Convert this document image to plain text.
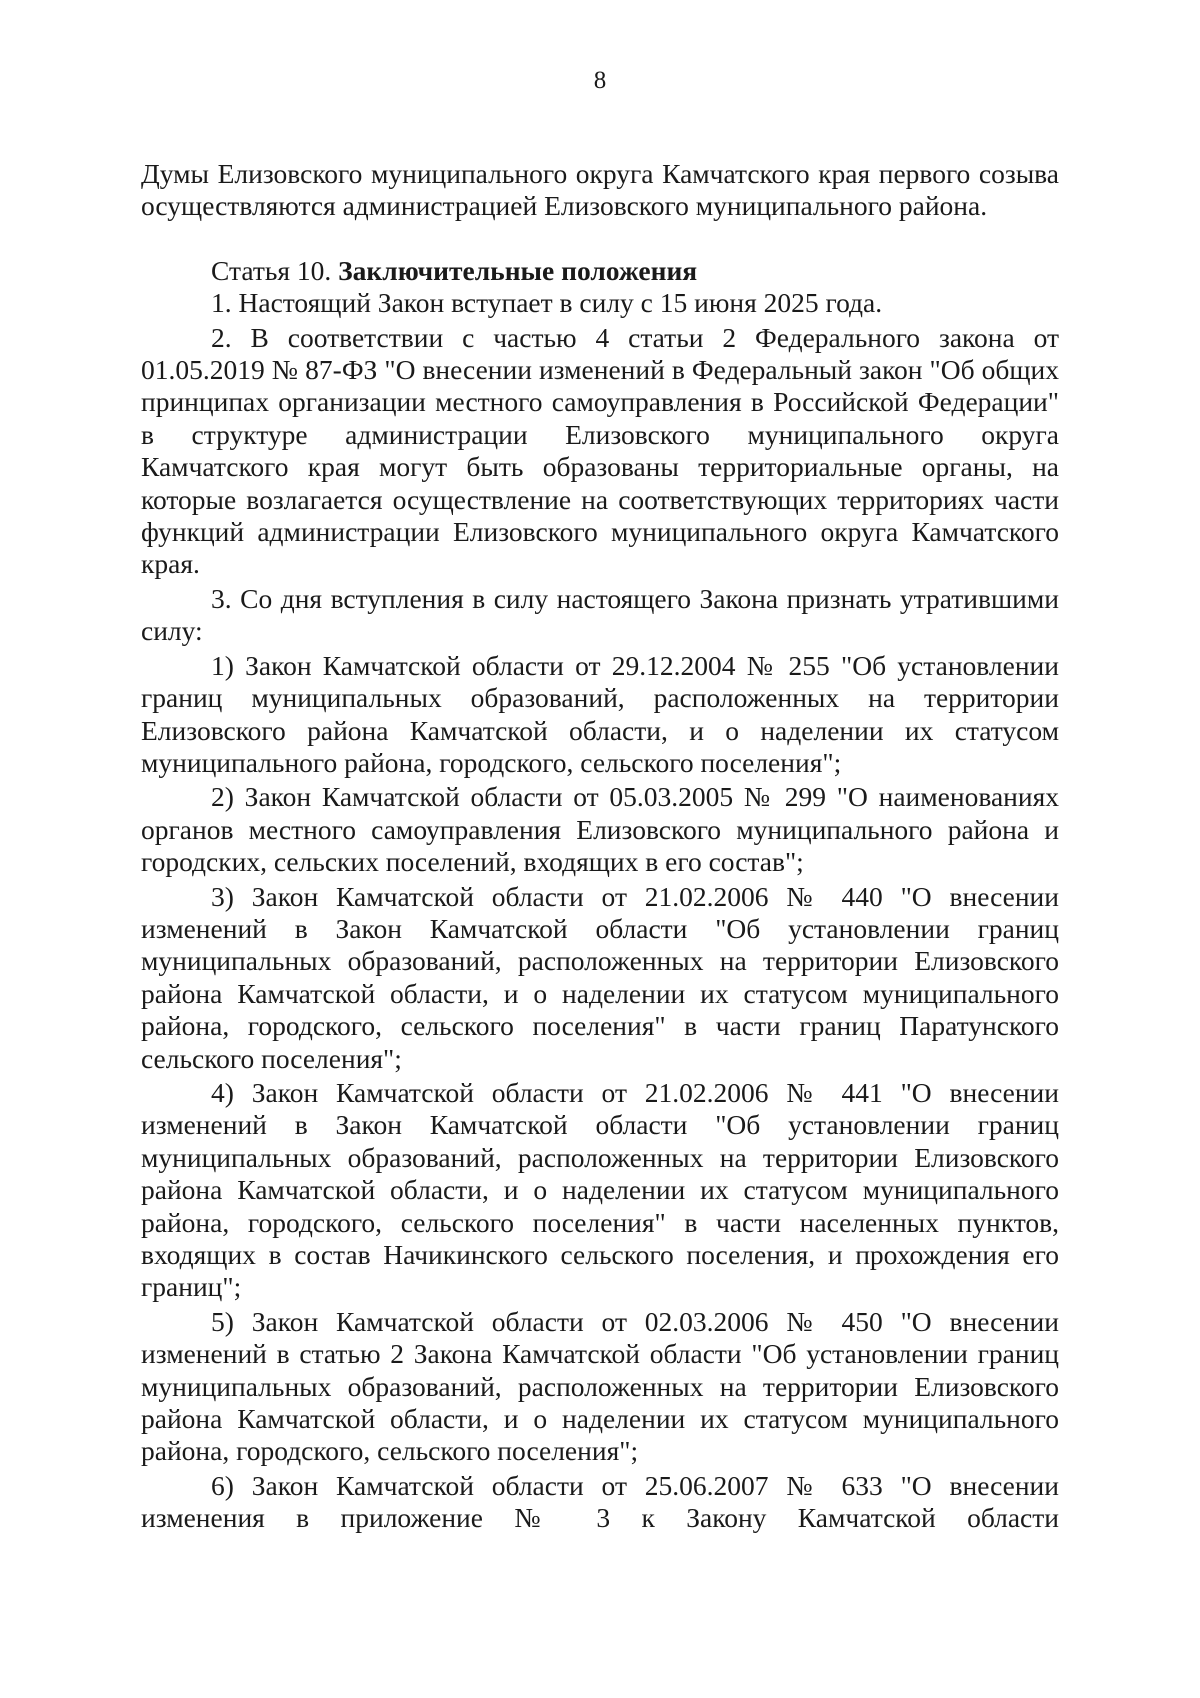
8

Думы Елизовского муниципального округа Камчатского края первого созыва осуществляются администрацией Елизовского муниципального района.

Статья 10. Заключительные положения

1. Настоящий Закон вступает в силу с 15 июня 2025 года.

2. В соответствии с частью 4 статьи 2 Федерального закона от 01.05.2019 № 87-ФЗ "О внесении изменений в Федеральный закон "Об общих принципах организации местного самоуправления в Российской Федерации" в структуре администрации Елизовского муниципального округа Камчатского края могут быть образованы территориальные органы, на которые возлагается осуществление на соответствующих территориях части функций администрации Елизовского муниципального округа Камчатского края.

3. Со дня вступления в силу настоящего Закона признать утратившими силу:

1) Закон Камчатской области от 29.12.2004 № 255 "Об установлении границ муниципальных образований, расположенных на территории Елизовского района Камчатской области, и о наделении их статусом муниципального района, городского, сельского поселения";

2) Закон Камчатской области от 05.03.2005 № 299 "О наименованиях органов местного самоуправления Елизовского муниципального района и городских, сельских поселений, входящих в его состав";

3) Закон Камчатской области от 21.02.2006 № 440 "О внесении изменений в Закон Камчатской области "Об установлении границ муниципальных образований, расположенных на территории Елизовского района Камчатской области, и о наделении их статусом муниципального района, городского, сельского поселения" в части границ Паратунского сельского поселения";

4) Закон Камчатской области от 21.02.2006 № 441 "О внесении изменений в Закон Камчатской области "Об установлении границ муниципальных образований, расположенных на территории Елизовского района Камчатской области, и о наделении их статусом муниципального района, городского, сельского поселения" в части населенных пунктов, входящих в состав Начикинского сельского поселения, и прохождения его границ";

5) Закон Камчатской области от 02.03.2006 № 450 "О внесении изменений в статью 2 Закона Камчатской области "Об установлении границ муниципальных образований, расположенных на территории Елизовского района Камчатской области, и о наделении их статусом муниципального района, городского, сельского поселения";

6) Закон Камчатской области от 25.06.2007 № 633 "О внесении изменения в приложение № 3 к Закону Камчатской области
